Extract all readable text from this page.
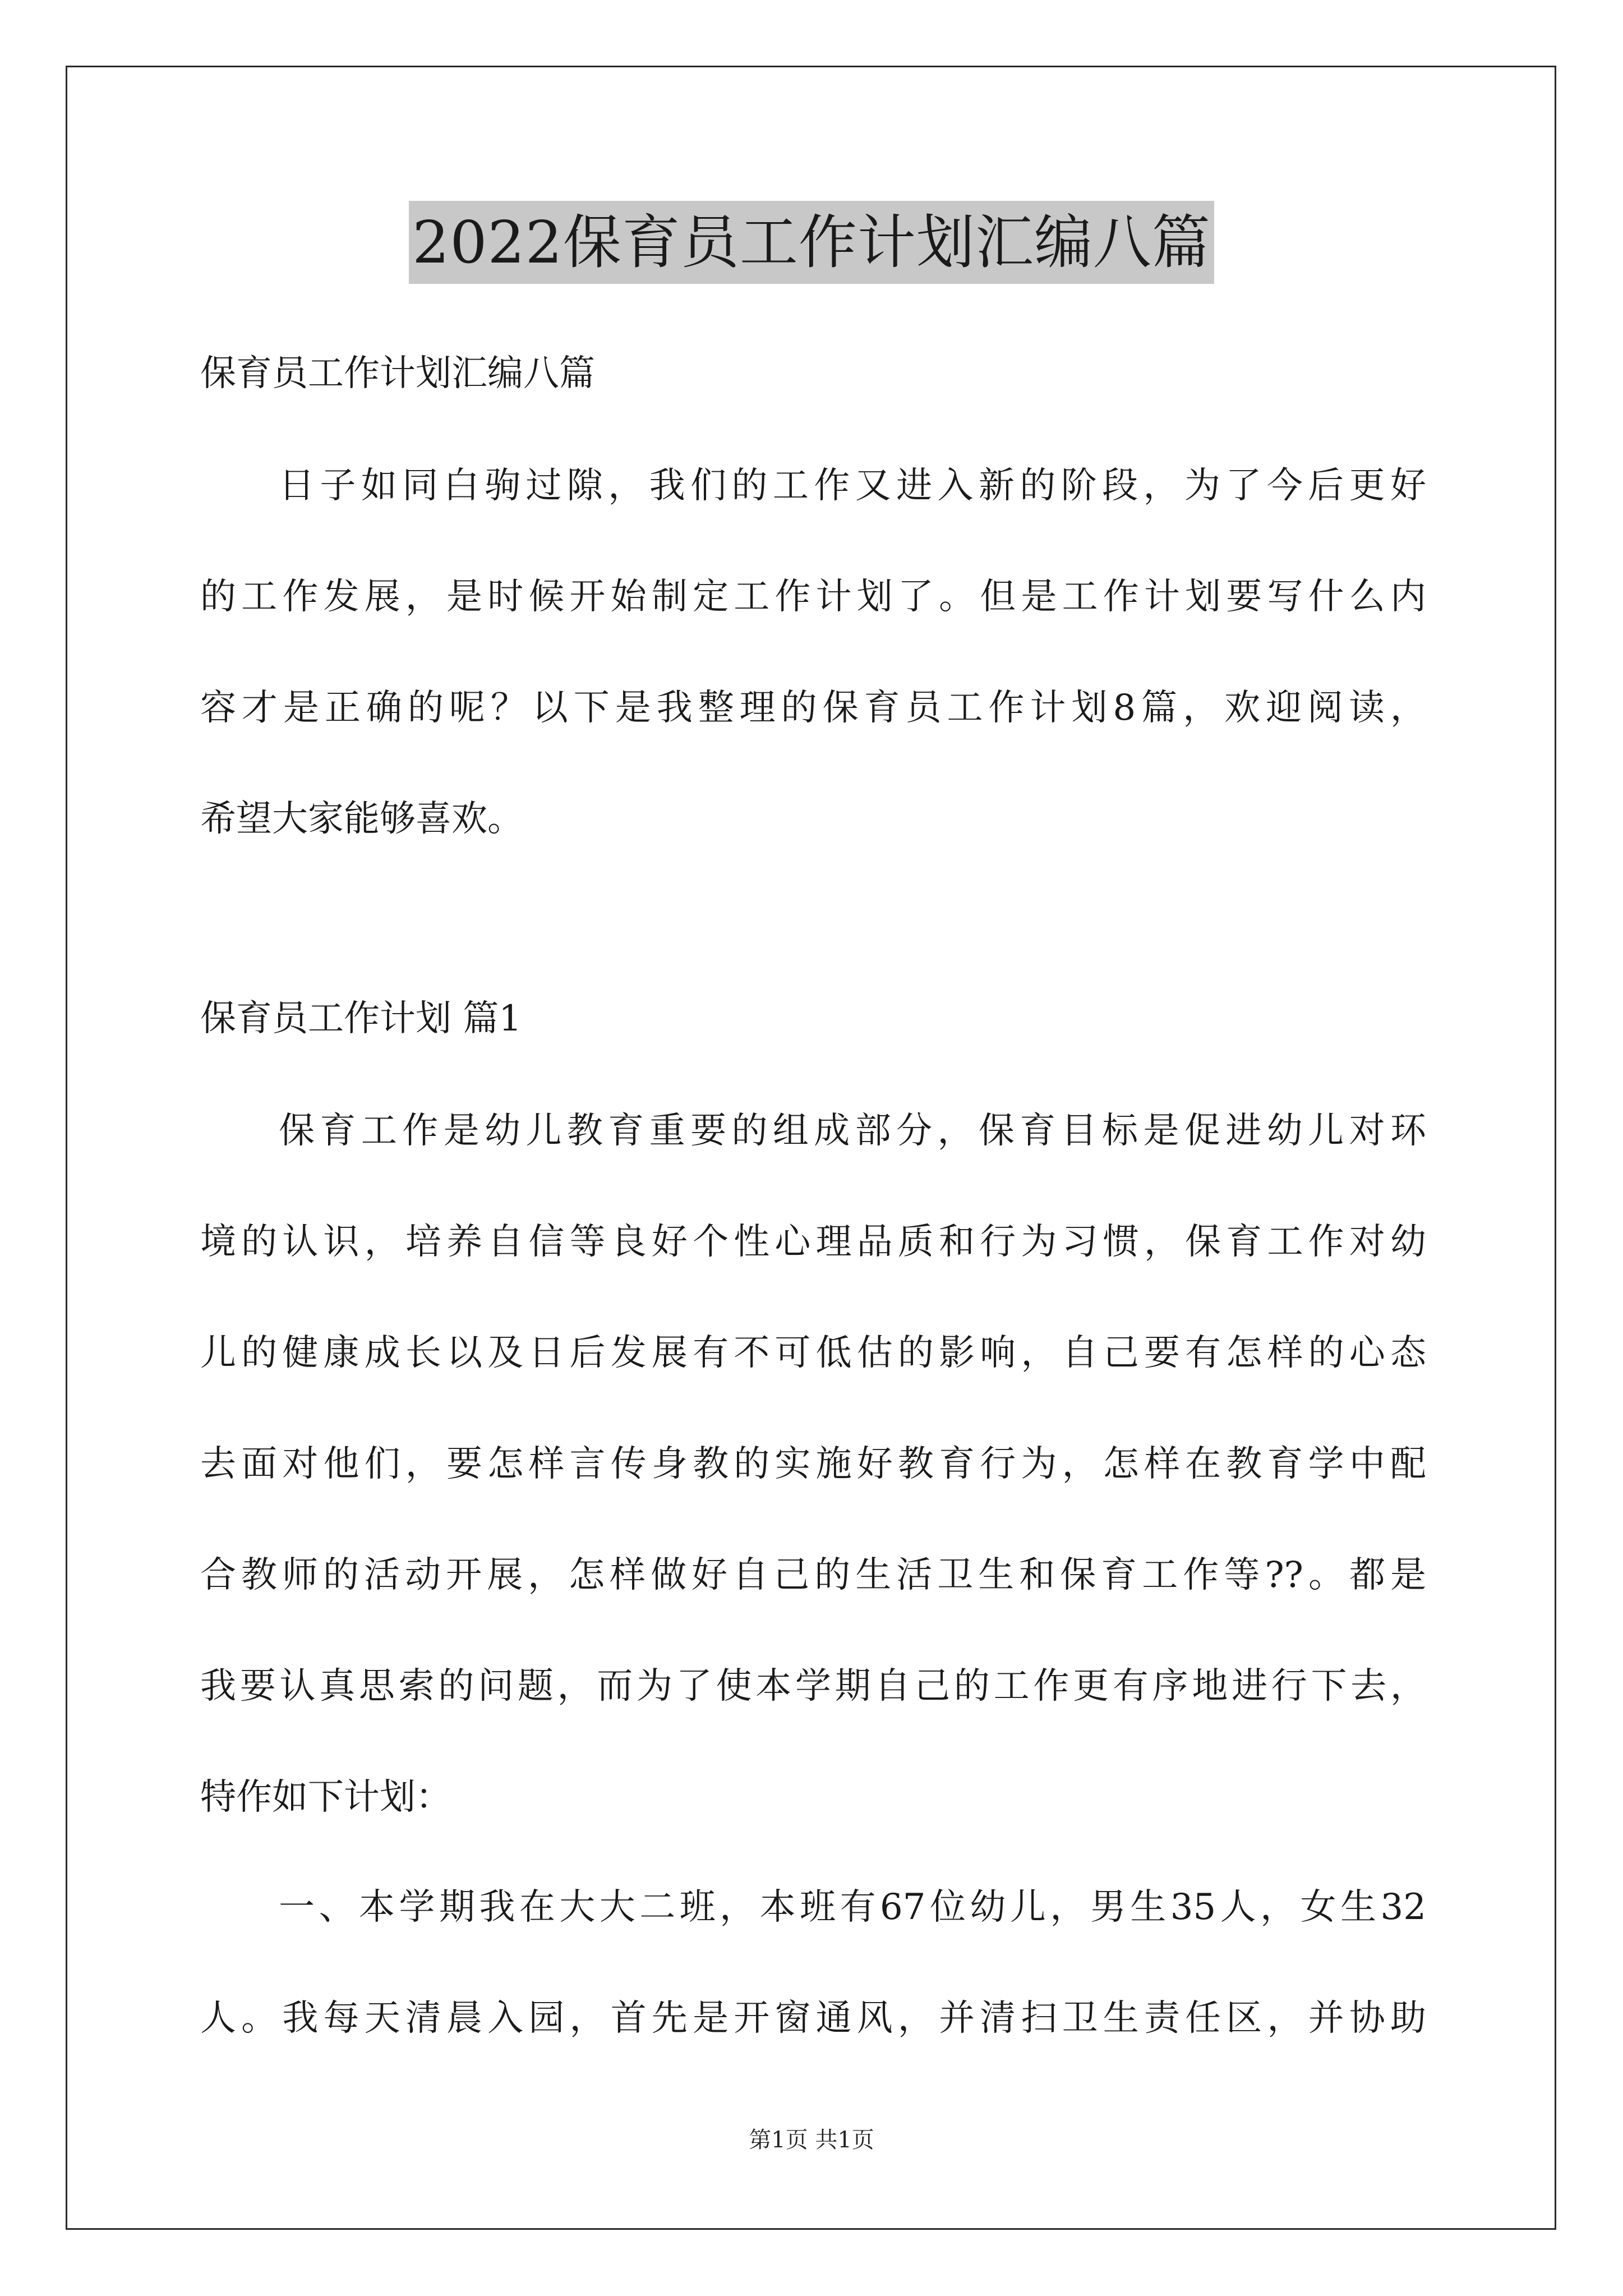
2022保育员工作计划汇编八篇
保育员工作计划汇编八篇
日子如同白驹过隙，我们的工作又进入新的阶段，为了今后更好
的工作发展，是时候开始制定工作计划了。但是工作计划要写什么内
容才是正确的呢？以下是我整理的保育员工作计划8篇，欢迎阅读，
希望大家能够喜欢。
保育员工作计划 篇1
保育工作是幼儿教育重要的组成部分，保育目标是促进幼儿对环
境的认识，培养自信等良好个性心理品质和行为习惯，保育工作对幼
儿的健康成长以及日后发展有不可低估的影响，自己要有怎样的心态
去面对他们，要怎样言传身教的实施好教育行为，怎样在教育学中配
合教师的活动开展，怎样做好自己的生活卫生和保育工作等??。都是
我要认真思索的问题，而为了使本学期自己的工作更有序地进行下去，
特作如下计划：
一、本学期我在大大二班，本班有67位幼儿，男生35人，女生32
人。我每天清晨入园，首先是开窗通风，并清扫卫生责任区，并协助
第1页 共1页
